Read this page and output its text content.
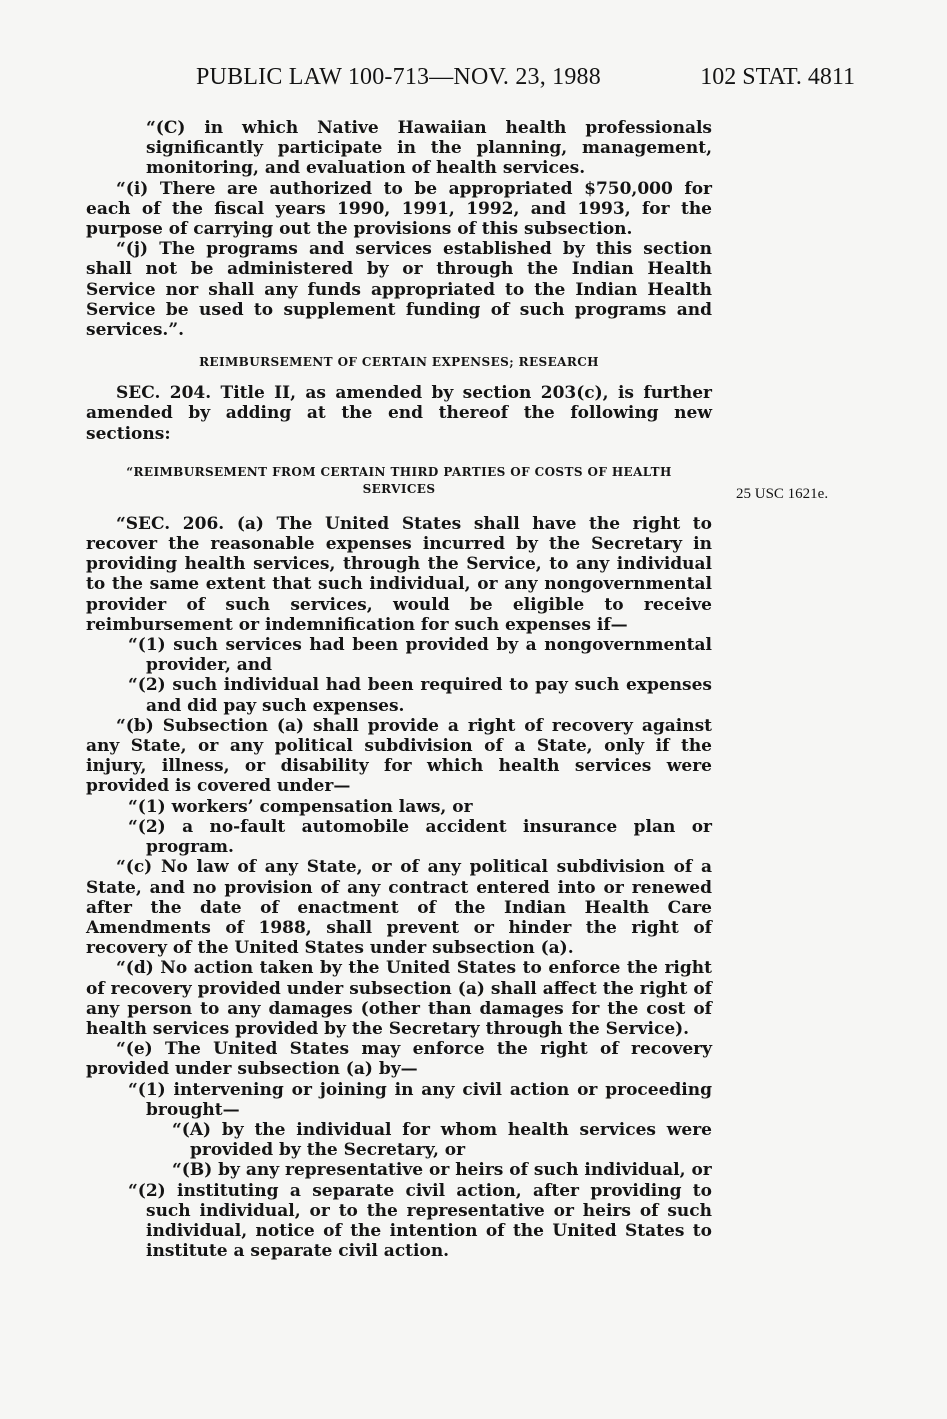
PUBLIC LAW 100-713—NOV. 23, 1988	102 STAT. 4811
25 USC 1621e.

“(C) in which Native Hawaiian health professionals significantly participate in the planning, management, monitoring, and evaluation of health services.

“(i) There are authorized to be appropriated $750,000 for each of the fiscal years 1990, 1991, 1992, and 1993, for the purpose of carrying out the provisions of this subsection.

“(j) The programs and services established by this section shall not be administered by or through the Indian Health Service nor shall any funds appropriated to the Indian Health Service be used to supplement funding of such programs and services.”.

REIMBURSEMENT OF CERTAIN EXPENSES; RESEARCH

SEC. 204. Title II, as amended by section 203(c), is further amended by adding at the end thereof the following new sections:

“REIMBURSEMENT FROM CERTAIN THIRD PARTIES OF COSTS OF HEALTH SERVICES

“SEC. 206. (a) The United States shall have the right to recover the reasonable expenses incurred by the Secretary in providing health services, through the Service, to any individual to the same extent that such individual, or any nongovernmental provider of such services, would be eligible to receive reimbursement or indemnification for such expenses if—

“(1) such services had been provided by a nongovernmental provider, and

“(2) such individual had been required to pay such expenses and did pay such expenses.

“(b) Subsection (a) shall provide a right of recovery against any State, or any political subdivision of a State, only if the injury, illness, or disability for which health services were provided is covered under—

“(1) workers’ compensation laws, or

“(2) a no-fault automobile accident insurance plan or program.

“(c) No law of any State, or of any political subdivision of a State, and no provision of any contract entered into or renewed after the date of enactment of the Indian Health Care Amendments of 1988, shall prevent or hinder the right of recovery of the United States under subsection (a).

“(d) No action taken by the United States to enforce the right of recovery provided under subsection (a) shall affect the right of any person to any damages (other than damages for the cost of health services provided by the Secretary through the Service).

“(e) The United States may enforce the right of recovery provided under subsection (a) by—

“(1) intervening or joining in any civil action or proceeding brought—

“(A) by the individual for whom health services were provided by the Secretary, or

“(B) by any representative or heirs of such individual, or

“(2) instituting a separate civil action, after providing to such individual, or to the representative or heirs of such individual, notice of the intention of the United States to institute a separate civil action.
